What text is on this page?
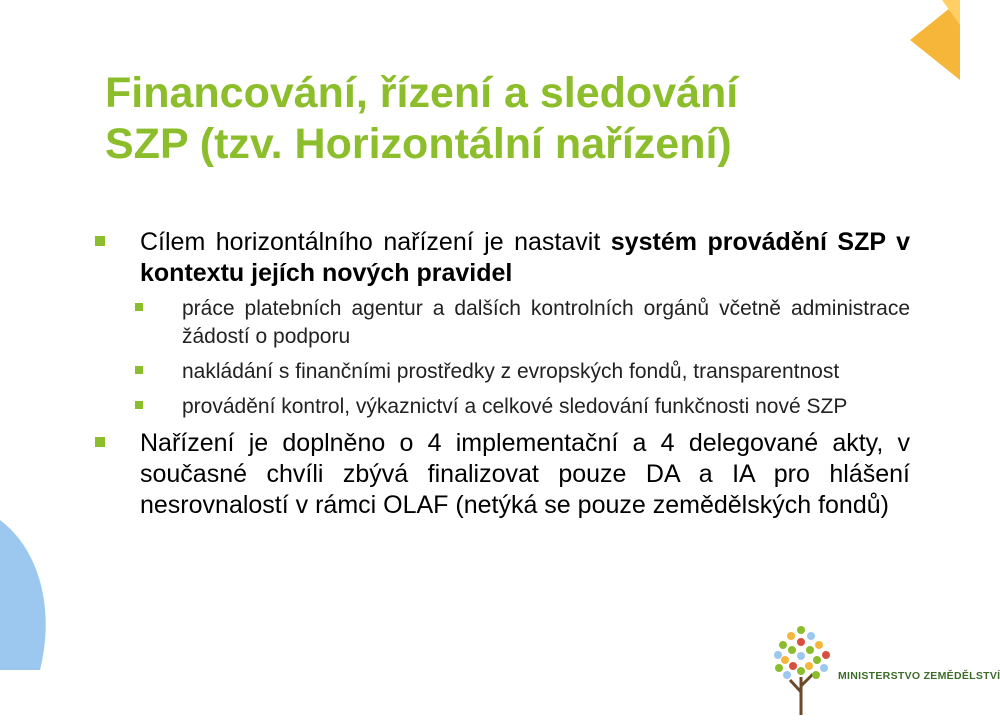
Financování, řízení a sledování
SZP (tzv. Horizontální nařízení)
Cílem horizontálního nařízení je nastavit systém provádění SZP v kontextu jejích nových pravidel
práce platebních agentur a dalších kontrolních orgánů včetně administrace žádostí o podporu
nakládání s finančními prostředky z evropských fondů, transparentnost
provádění kontrol, výkaznictví a celkové sledování funkčnosti nové SZP
Nařízení je doplněno o 4 implementační a 4 delegované akty, v současné chvíli zbývá finalizovat pouze DA a IA pro hlášení nesrovnalostí v rámci OLAF (netýká se pouze zemědělských fondů)
MINISTERSTVO ZEMĚDĚLSTVÍ
